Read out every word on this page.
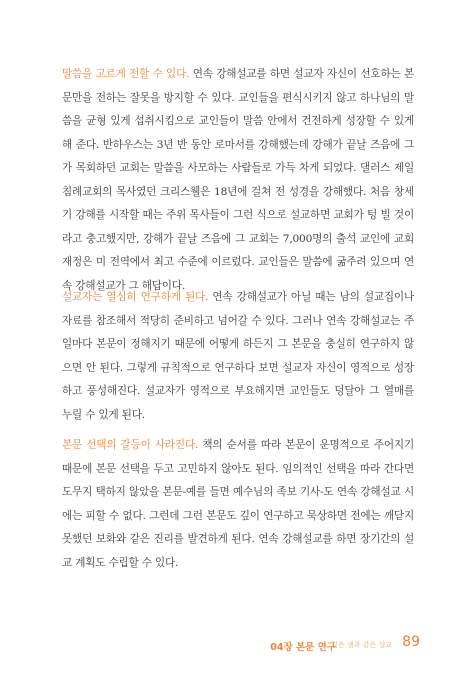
말씀을 고르게 전할 수 있다. 연속 강해설교를 하면 설교자 자신이 선호하는 본문만을 전하는 잘못을 방지할 수 있다. 교인들을 편식시키지 않고 하나님의 말씀을 균형 있게 섭취시킴으로 교인들이 말씀 안에서 건전하게 성장할 수 있게 해 준다. 반하우스는 3년 반 동안 로마서를 강해했는데 강해가 끝날 즈음에 그가 목회하던 교회는 말씀을 사모하는 사람들로 가득 차게 되었다. 댈러스 제일침례교회의 목사였던 크리스웰은 18년에 걸쳐 전 성경을 강해했다. 처음 창세기 강해를 시작할 때는 주위 목사들이 그런 식으로 설교하면 교회가 텅 빌 것이라고 충고했지만, 강해가 끝날 즈음에 그 교회는 7,000명의 출석 교인에 교회 재정은 미 전역에서 최고 수준에 이르렀다. 교인들은 말씀에 굶주려 있으며 연속 강해설교가 그 해답이다.

설교자는 열심히 연구하게 된다. 연속 강해설교가 아닐 때는 남의 설교집이나 자료를 참조해서 적당히 준비하고 넘어갈 수 있다. 그러나 연속 강해설교는 주일마다 본문이 정해지기 때문에 어떻게 하든지 그 본문을 충실히 연구하지 않으면 안 된다. 그렇게 규칙적으로 연구하다 보면 설교자 자신이 영적으로 성장하고 풍성해진다. 설교자가 영적으로 부요해지면 교인들도 덩달아 그 열매를 누릴 수 있게 된다.

본문 선택의 갈등이 사라진다. 책의 순서를 따라 본문이 운명적으로 주어지기 때문에 본문 선택을 두고 고민하지 않아도 된다. 임의적인 선택을 따라 간다면 도무지 택하지 않았을 본문-예를 들면 예수님의 족보 기사-도 연속 강해설교 시에는 피할 수 없다. 그런데 그런 본문도 깊이 연구하고 묵상하면 전에는 깨닫지 못했던 보화와 같은 진리를 발견하게 된다. 연속 강해설교를 하면 장기간의 설교 계획도 수립할 수 있다.

04장 본문 연구
깊은 샘과 같은 설교 89
